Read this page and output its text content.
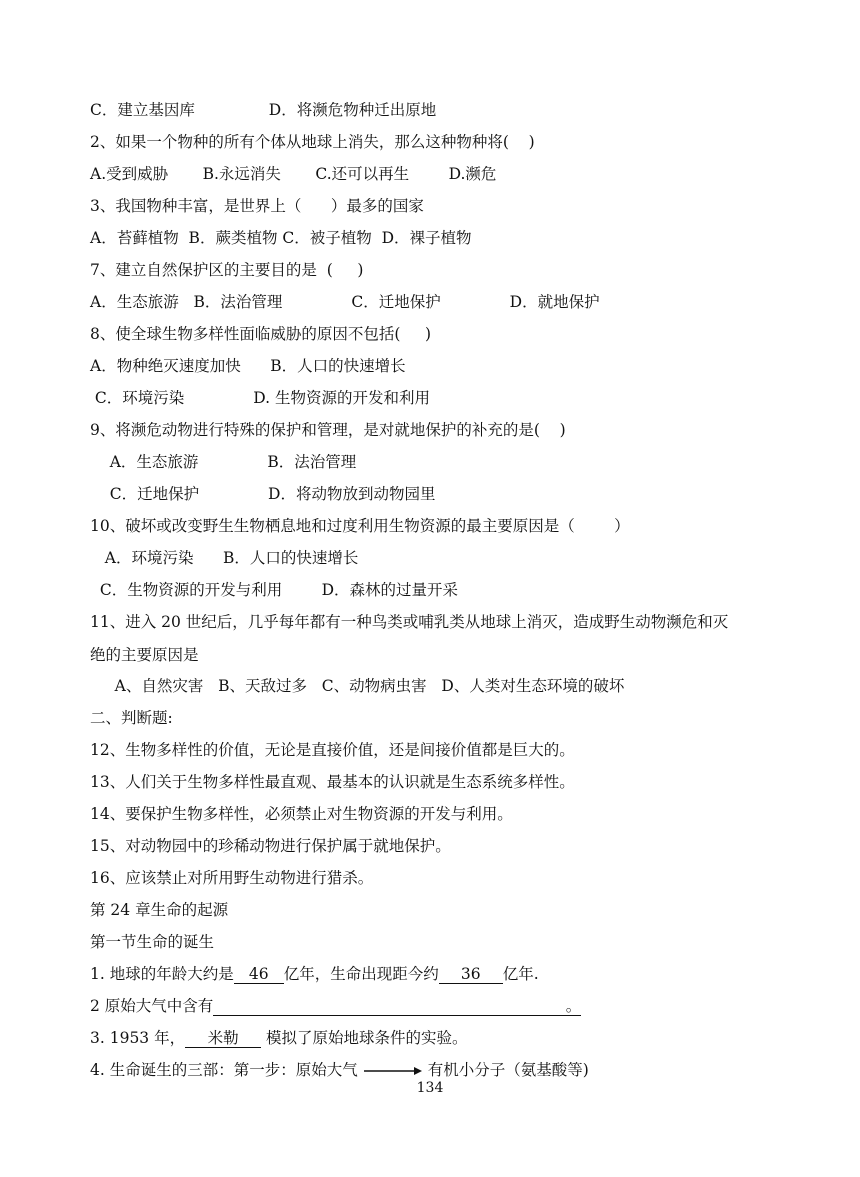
C．建立基因库               D．将濒危物种迁出原地
2、如果一个物种的所有个体从地球上消失，那么这种物种将(    )
A.受到威胁       B.永远消失       C.还可以再生        D.濒危
3、我国物种丰富，是世界上（      ）最多的国家
A．苔藓植物  B．蕨类植物 C．被子植物  D．裸子植物
7、建立自然保护区的主要目的是  (     )
A．生态旅游   B．法治管理              C．迁地保护              D．就地保护
8、使全球生物多样性面临威胁的原因不包括(     )
A．物种绝灭速度加快      B．人口的快速增长
C．环境污染              D. 生物资源的开发和利用
9、将濒危动物进行特殊的保护和管理，是对就地保护的补充的是(    )
A．生态旅游              B．法治管理
C．迁地保护              D．将动物放到动物园里
10、破坏或改变野生生物栖息地和过度利用生物资源的最主要原因是（        ）
A．环境污染      B．人口的快速增长
C．生物资源的开发与利用        D．森林的过量开采
11、进入 20 世纪后，几乎每年都有一种鸟类或哺乳类从地球上消灭，造成野生动物濒危和灭
绝的主要原因是
A、自然灾害   B、天敌过多   C、动物病虫害   D、人类对生态环境的破坏
二、判断题:
12、生物多样性的价值，无论是直接价值，还是间接价值都是巨大的。
13、人们关于生物多样性最直观、最基本的认识就是生态系统多样性。
14、要保护生物多样性，必须禁止对生物资源的开发与利用。
15、对动物园中的珍稀动物进行保护属于就地保护。
16、应该禁止对所用野生动物进行猎杀。
第 24 章生命的起源
第一节生命的诞生
1. 地球的年龄大约是 46 亿年，生命出现距今约 36 亿年.
2 原始大气中含有	。
3. 1953 年， 米勒 模拟了原始地球条件的实验。
4. 生命诞生的三部：第一步：原始大气	有机小分子（氨基酸等)
134
